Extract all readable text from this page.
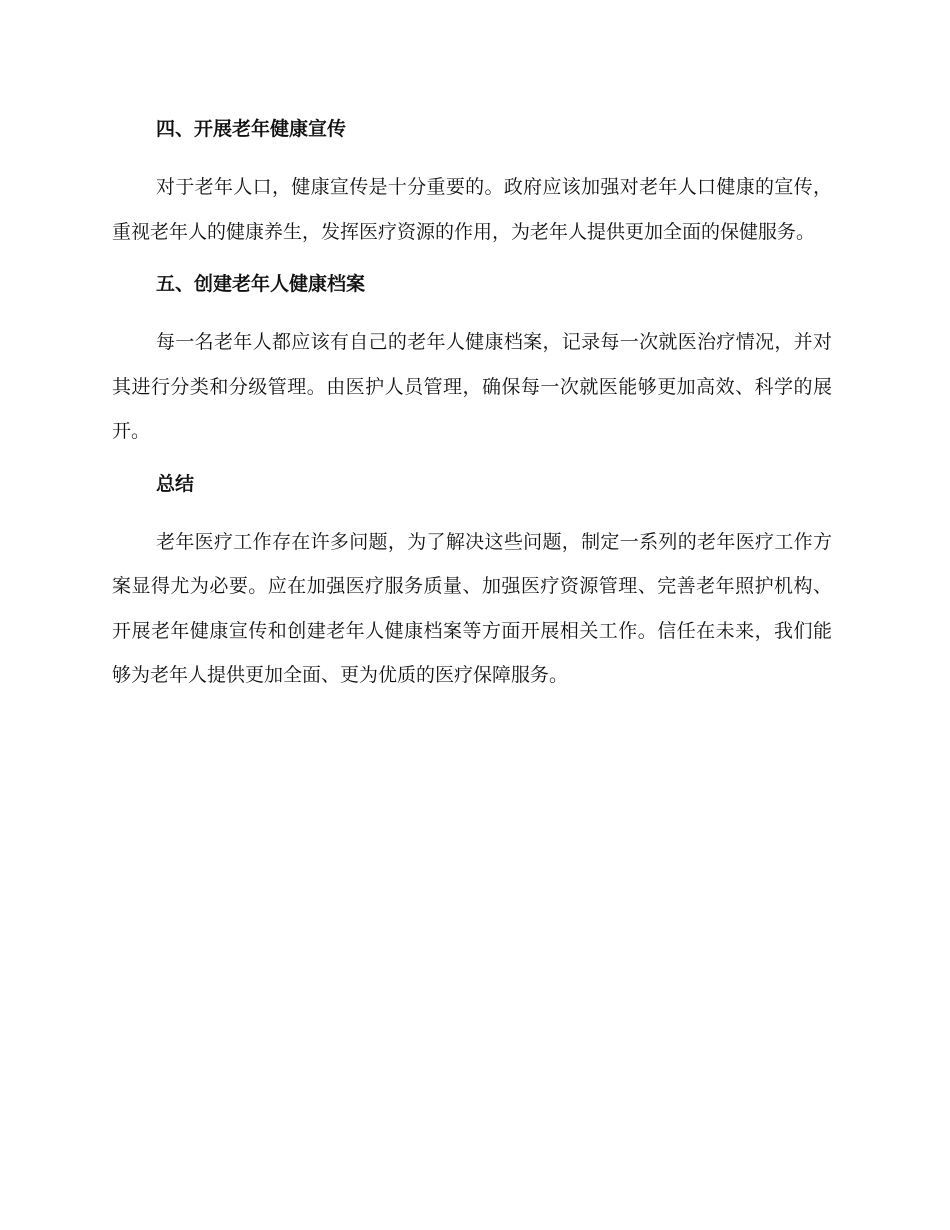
四、开展老年健康宣传

对于老年人口，健康宣传是十分重要的。政府应该加强对老年人口健康的宣传，重视老年人的健康养生，发挥医疗资源的作用，为老年人提供更加全面的保健服务。

五、创建老年人健康档案

每一名老年人都应该有自己的老年人健康档案，记录每一次就医治疗情况，并对其进行分类和分级管理。由医护人员管理，确保每一次就医能够更加高效、科学的展开。

总结

老年医疗工作存在许多问题，为了解决这些问题，制定一系列的老年医疗工作方案显得尤为必要。应在加强医疗服务质量、加强医疗资源管理、完善老年照护机构、开展老年健康宣传和创建老年人健康档案等方面开展相关工作。信任在未来，我们能够为老年人提供更加全面、更为优质的医疗保障服务。
